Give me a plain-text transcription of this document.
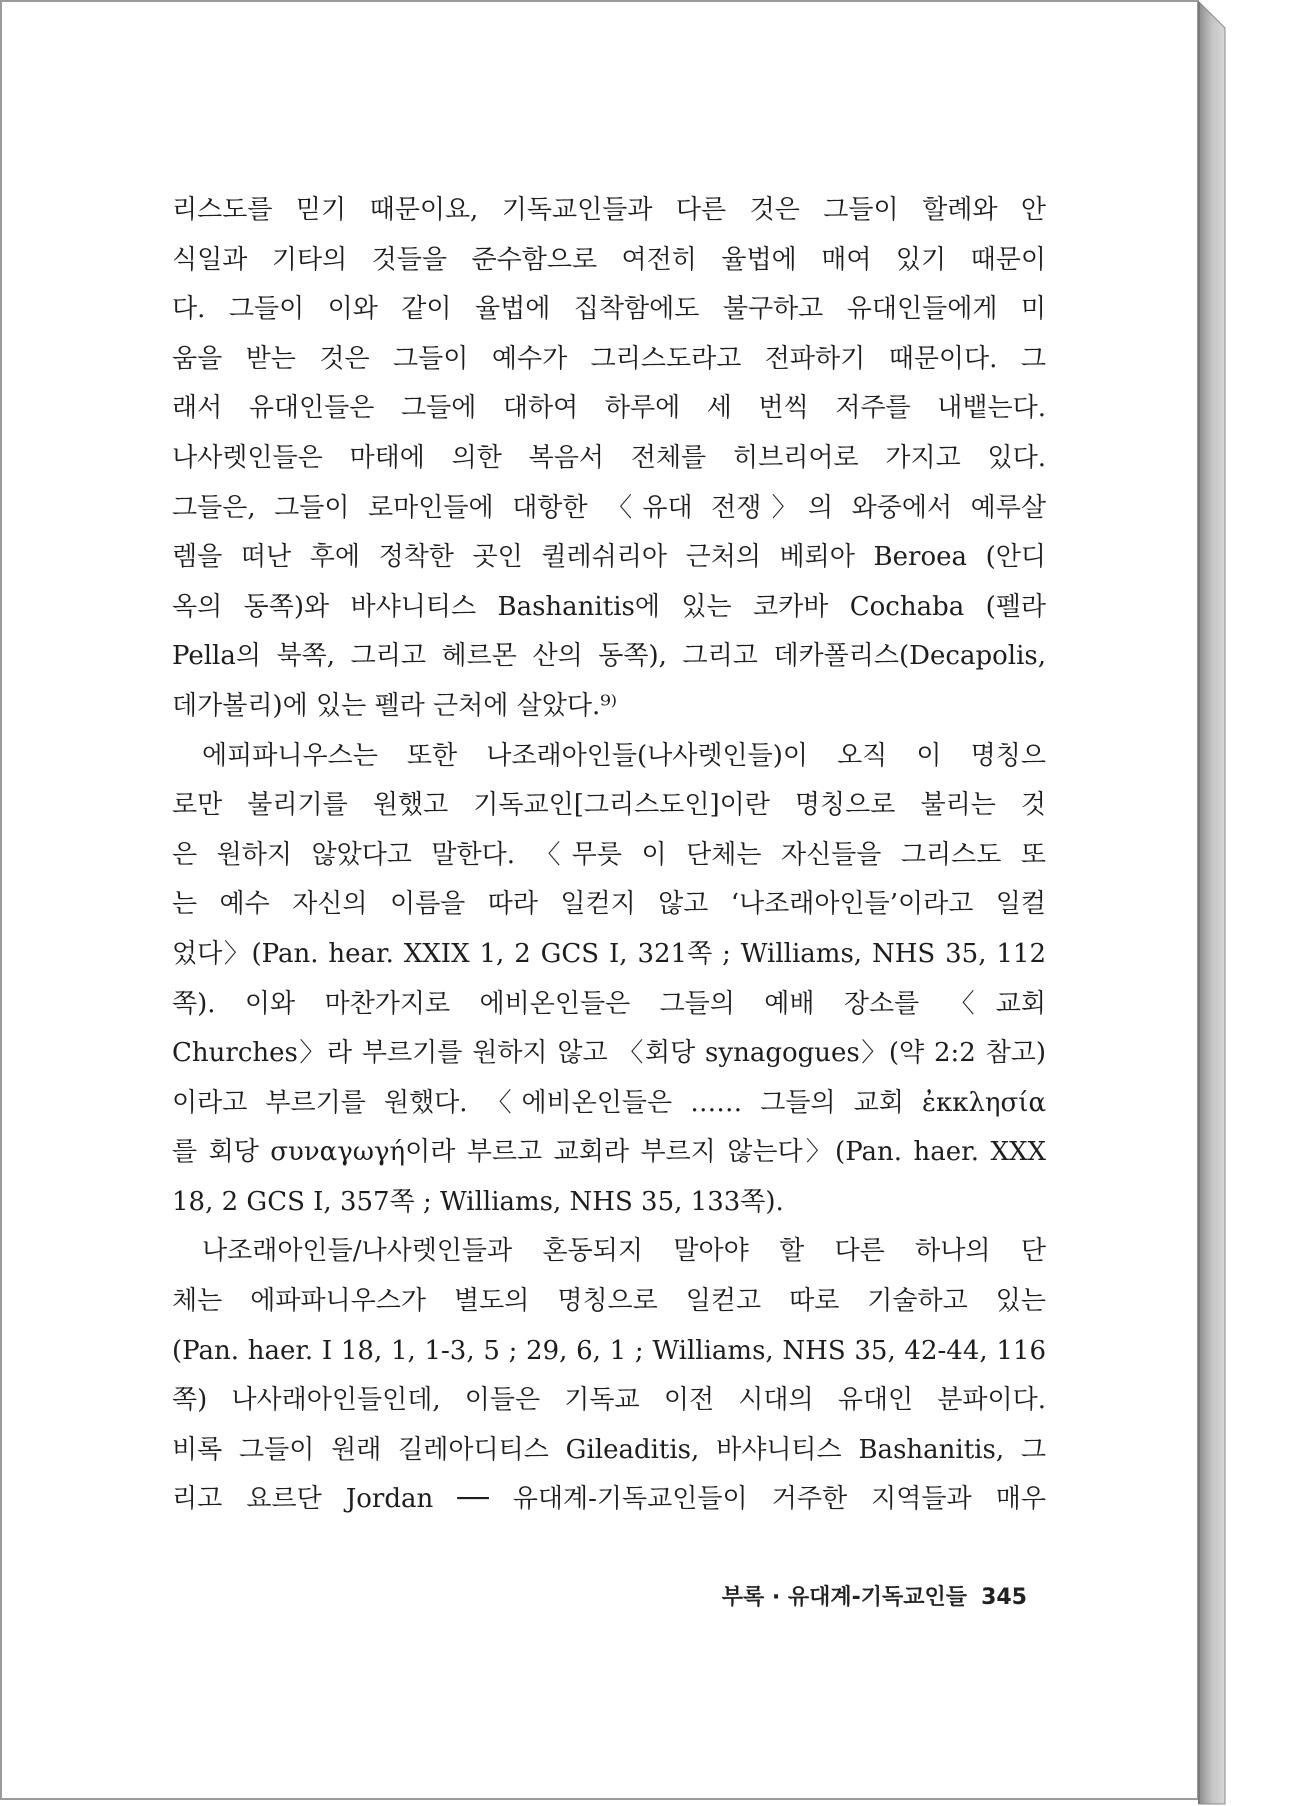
리스도를 믿기 때문이요, 기독교인들과 다른 것은 그들이 할례와 안
식일과 기타의 것들을 준수함으로 여전히 율법에 매여 있기 때문이
다. 그들이 이와 같이 율법에 집착함에도 불구하고 유대인들에게 미
움을 받는 것은 그들이 예수가 그리스도라고 전파하기 때문이다. 그
래서 유대인들은 그들에 대하여 하루에 세 번씩 저주를 내뱉는다.
나사렛인들은 마태에 의한 복음서 전체를 히브리어로 가지고 있다.
그들은, 그들이 로마인들에 대항한 〈유대 전쟁〉의 와중에서 예루살
렘을 떠난 후에 정착한 곳인 퀼레쉬리아 근처의 베뢰아 Beroea (안디
옥의 동쪽)와 바샤니티스 Bashanitis에 있는 코카바 Cochaba (펠라
Pella의 북쪽, 그리고 헤르몬 산의 동쪽), 그리고 데카폴리스(Decapolis,
데가볼리)에 있는 펠라 근처에 살았다.⁹⁾
에피파니우스는 또한 나조래아인들(나사렛인들)이 오직 이 명칭으
로만 불리기를 원했고 기독교인[그리스도인]이란 명칭으로 불리는 것
은 원하지 않았다고 말한다. 〈무릇 이 단체는 자신들을 그리스도 또
는 예수 자신의 이름을 따라 일컫지 않고 ‘나조래아인들’이라고 일컬
었다〉(Pan. hear. XXIX 1, 2 GCS I, 321쪽 ; Williams, NHS 35, 112
쪽). 이와 마찬가지로 에비온인들은 그들의 예배 장소를 〈교회
Churches〉라 부르기를 원하지 않고 〈회당 synagogues〉(약 2:2 참고)
이라고 부르기를 원했다. 〈에비온인들은 …… 그들의 교회 ἐκκλησία
를 회당 συναγωγή이라 부르고 교회라 부르지 않는다〉(Pan. haer. XXX
18, 2 GCS I, 357쪽 ; Williams, NHS 35, 133쪽).
나조래아인들/나사렛인들과 혼동되지 말아야 할 다른 하나의 단
체는 에파파니우스가 별도의 명칭으로 일컫고 따로 기술하고 있는
(Pan. haer. I 18, 1, 1-3, 5 ; 29, 6, 1 ; Williams, NHS 35, 42-44, 116
쪽) 나사래아인들인데, 이들은 기독교 이전 시대의 유대인 분파이다.
비록 그들이 원래 길레아디티스 Gileaditis, 바샤니티스 Bashanitis, 그
리고 요르단 Jordan ── 유대계-기독교인들이 거주한 지역들과 매우
부록 · 유대계-기독교인들 345
